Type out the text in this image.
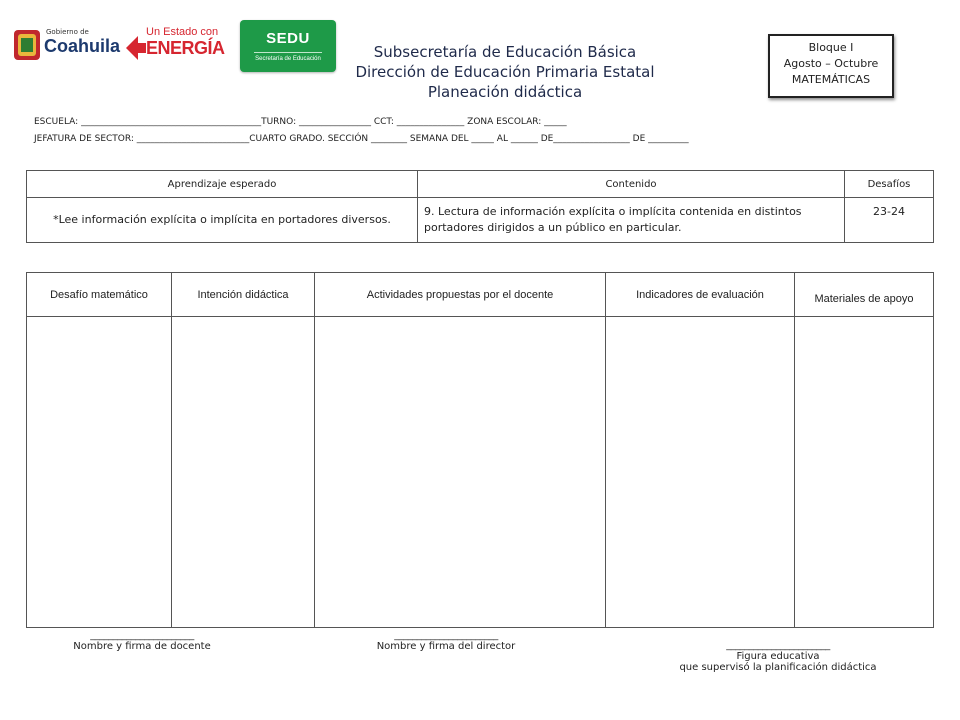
Gobierno de
Coahuila
Un Estado con
ENERGÍA	SEDU
Secretaría de Educación	Subsecretaría de Educación Básica
Dirección de Educación Primaria Estatal
Planeación didáctica
Bloque I
Agosto – Octubre
MATEMÁTICAS
ESCUELA: ________________________________________TURNO: ________________ CCT: _______________ ZONA ESCOLAR: _____
JEFATURA DE SECTOR: _________________________CUARTO GRADO. SECCIÓN ________ SEMANA DEL _____ AL ______ DE_________________ DE _________
Aprendizaje esperado	Contenido	Desafíos
*Lee información explícita o implícita en portadores diversos.	9. Lectura de información explícita o implícita contenida en distintos portadores dirigidos a un público en particular.	23-24
Desafío matemático	Intención didáctica	Actividades propuestas por el docente	Indicadores de evaluación	Materiales de apoyo

_______________________
Nombre y firma de docente
_______________________
Nombre y firma del director	_______________________
Figura educativa
que supervisó la planificación didáctica
